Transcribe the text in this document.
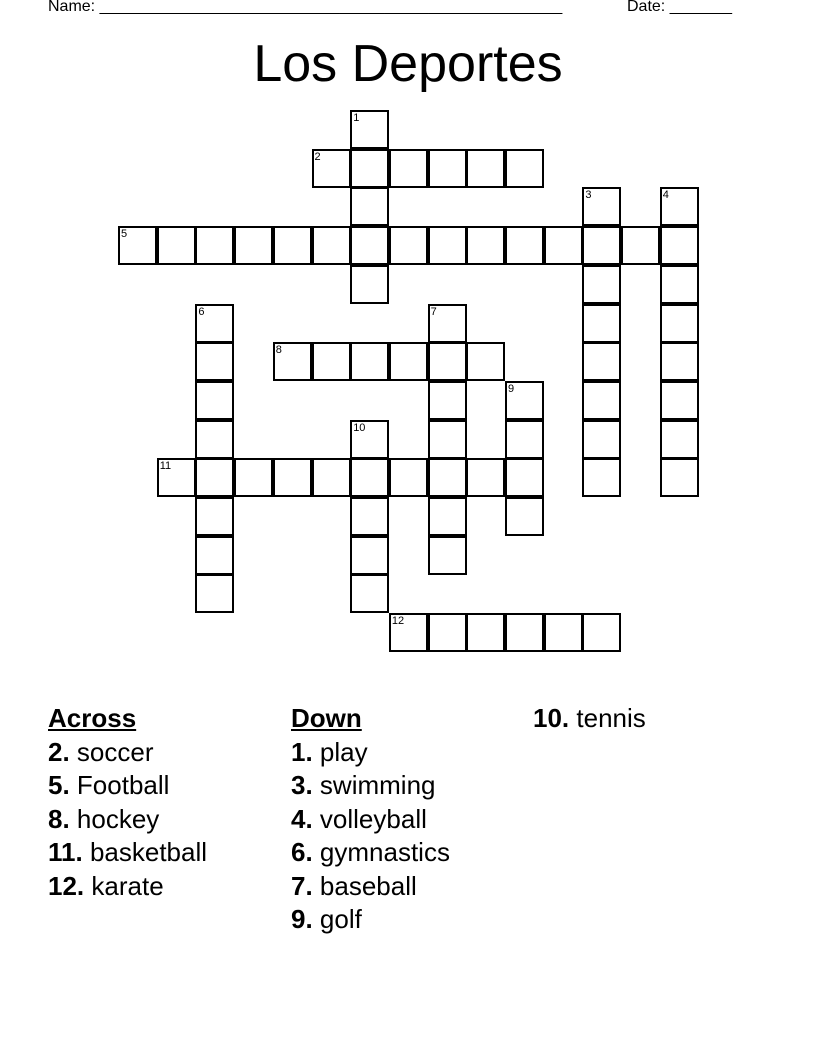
Name: ____________________________________________________	Date: _______
Los Deportes
1
2
3	4
5
6	7
8
9
10
11
12
Across
2. soccer
5. Football
8. hockey
11. basketball
12. karate
Down
1. play
3. swimming
4. volleyball
6. gymnastics
7. baseball
9. golf
10. tennis
